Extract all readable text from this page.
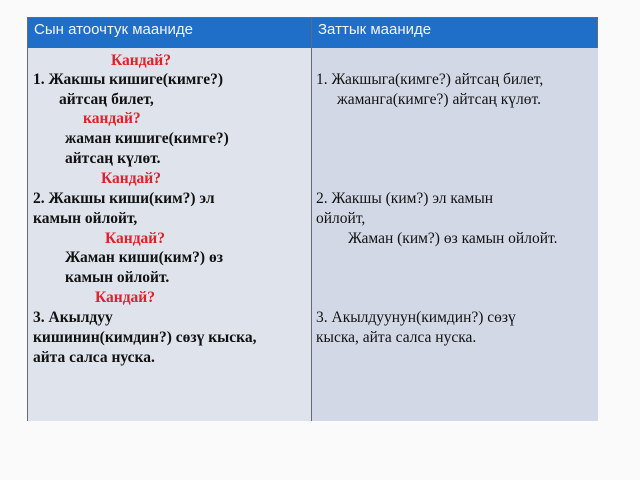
Сын атоочтук мааниде	Заттык мааниде
Кандай?
1. Жакшы кишиге(кимге?)
айтсаң билет,
кандай?
жаман кишиге(кимге?)
айтсаң күлөт.
Кандай?
2. Жакшы киши(ким?) эл
камын ойлойт,
Кандай?
Жаман киши(ким?) өз
камын ойлойт.
Кандай?
3. Акылдуу
кишинин(кимдин?) сөзү кыска,
айта салса нуска.
1. Жакшыга(кимге?) айтсаң билет,
жаманга(кимге?) айтсаң күлөт.
2. Жакшы (ким?) эл камын
ойлойт,
Жаман (ким?) өз камын ойлойт.
3. Акылдуунун(кимдин?) сөзү
кыска, айта салса нуска.
